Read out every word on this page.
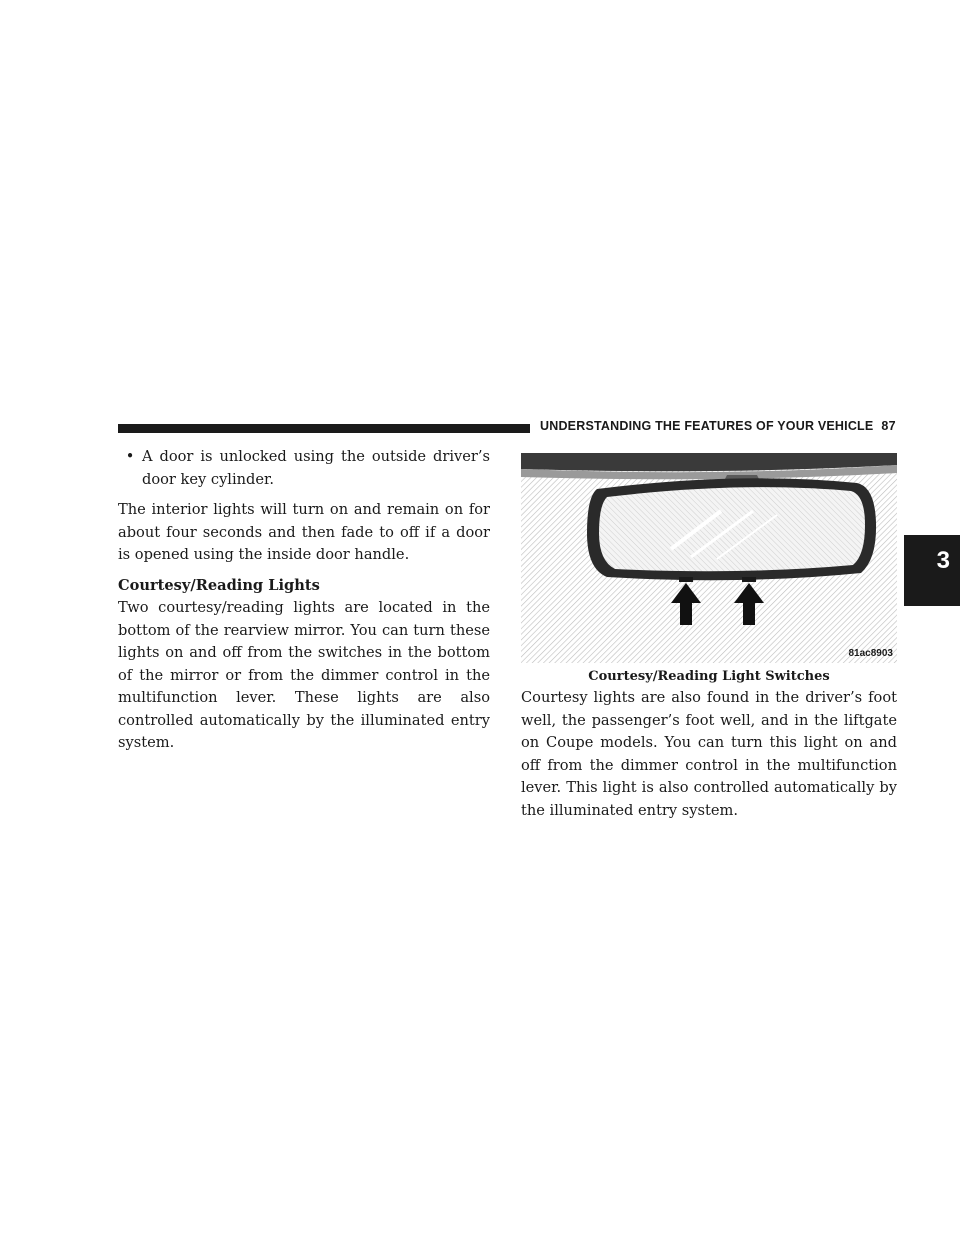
UNDERSTANDING THE FEATURES OF YOUR VEHICLE 87
3
• A door is unlocked using the outside driver’s door key cylinder.

The interior lights will turn on and remain on for about four seconds and then fade to off if a door is opened using the inside door handle.

Courtesy/Reading Lights

Two courtesy/reading lights are located in the bottom of the rearview mirror. You can turn these lights on and off from the switches in the bottom of the mirror or from the dimmer control in the multifunction lever. These lights are also controlled automatically by the illuminated entry system.

81ac8903
Courtesy/Reading Light Switches

Courtesy lights are also found in the driver’s foot well, the passenger’s foot well, and in the liftgate on Coupe models. You can turn this light on and off from the dimmer control in the multifunction lever. This light is also controlled automatically by the illuminated entry system.
